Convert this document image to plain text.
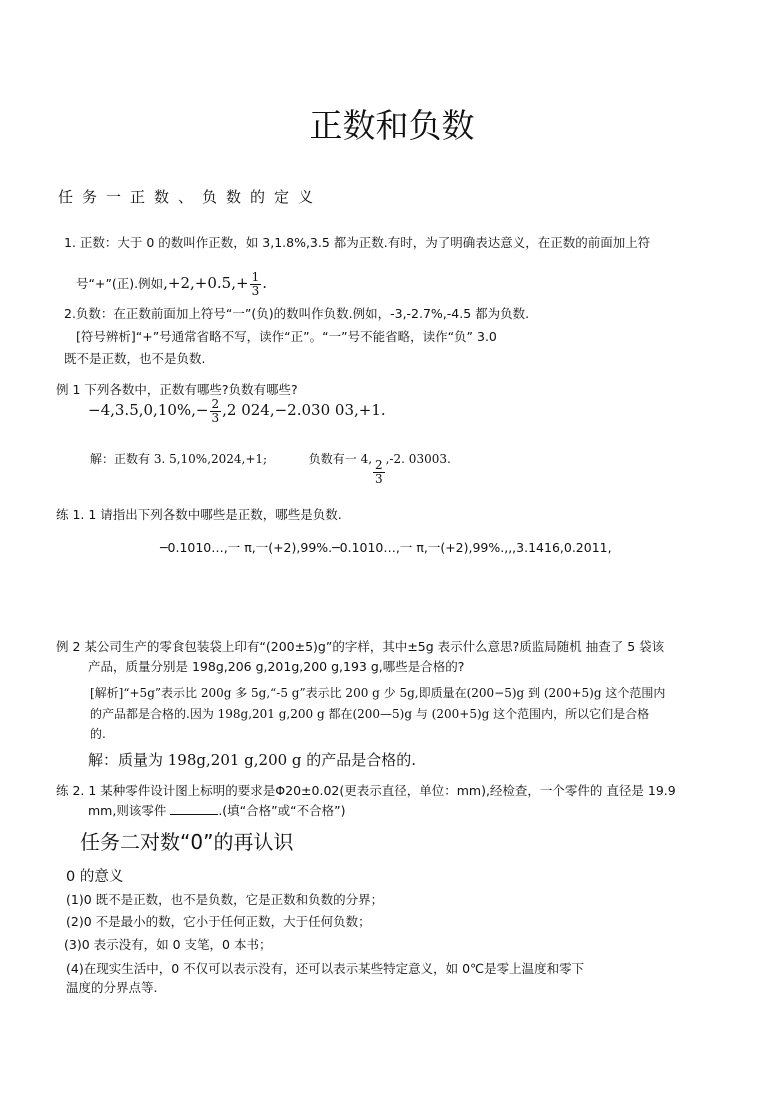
正数和负数
任务一正数、负数的定义
1. 正数：大于 0 的数叫作正数，如 3,1.8%,3.5 都为正数.有时，为了明确表达意义，在正数的前面加上符
号“+”(正).例如$,+2,+0.5,+ \frac{1}{3}$ .
2.负数：在正数前面加上符号“一”(负)的数叫作负数.例如，-3,-2.7%,-4.5 都为负数.
[符号辨析]“+”号通常省略不写，读作“正”。“一”号不能省略，读作“负” 3.0
既不是正数，也不是负数.
例 1 下列各数中，正数有哪些?负数有哪些?
$-4,3.5,0,10\%,- \frac{2}{3} ,2$ 024,−2.030 03,+1.
解：正数有 3. 5,10%,2024,+1;	负数有一 4, $\frac{2}{3} ,-2$. 03003.
练 1. 1 请指出下列各数中哪些是正数，哪些是负数.
─0.1010…,一 π,一(+2),99%.─0.1010…,一 π,一(+2),99%.,,,3.1416,0.2011,
例 2 某公司生产的零食包装袋上印有“(200±5)g”的字样，其中±5g 表示什么意思?质监局随机 抽查了 5 袋该
产品，质量分别是 198g,206 g,201g,200 g,193 g,哪些是合格的?
[解析]“+5g”表示比 200g 多 5g,“-5 g”表示比 200 g 少 5g,即质量在(200−5)g 到 (200+5)g 这个范围内
的产品都是合格的.因为 198g,201 g,200 g 都在(200—5)g 与 (200+5)g 这个范围内，所以它们是合格
的.
解：质量为 198g,201 g,200 g 的产品是合格的.
练 2. 1 某种零件设计图上标明的要求是Φ20±0.02(更表示直径，单位：mm),经检查，一个零件的 直径是 19.9
mm,则该零件	.(填“合格”或“不合格”)
任务二对数“0”的再认识
0 的意义
(1)0 既不是正数，也不是负数，它是正数和负数的分界；
(2)0 不是最小的数，它小于任何正数，大于任何负数；
(3)0 表示没有，如 0 支笔，0 本书；
(4)在现实生活中，0 不仅可以表示没有，还可以表示某些特定意义，如 0℃是零上温度和零下
温度的分界点等.
